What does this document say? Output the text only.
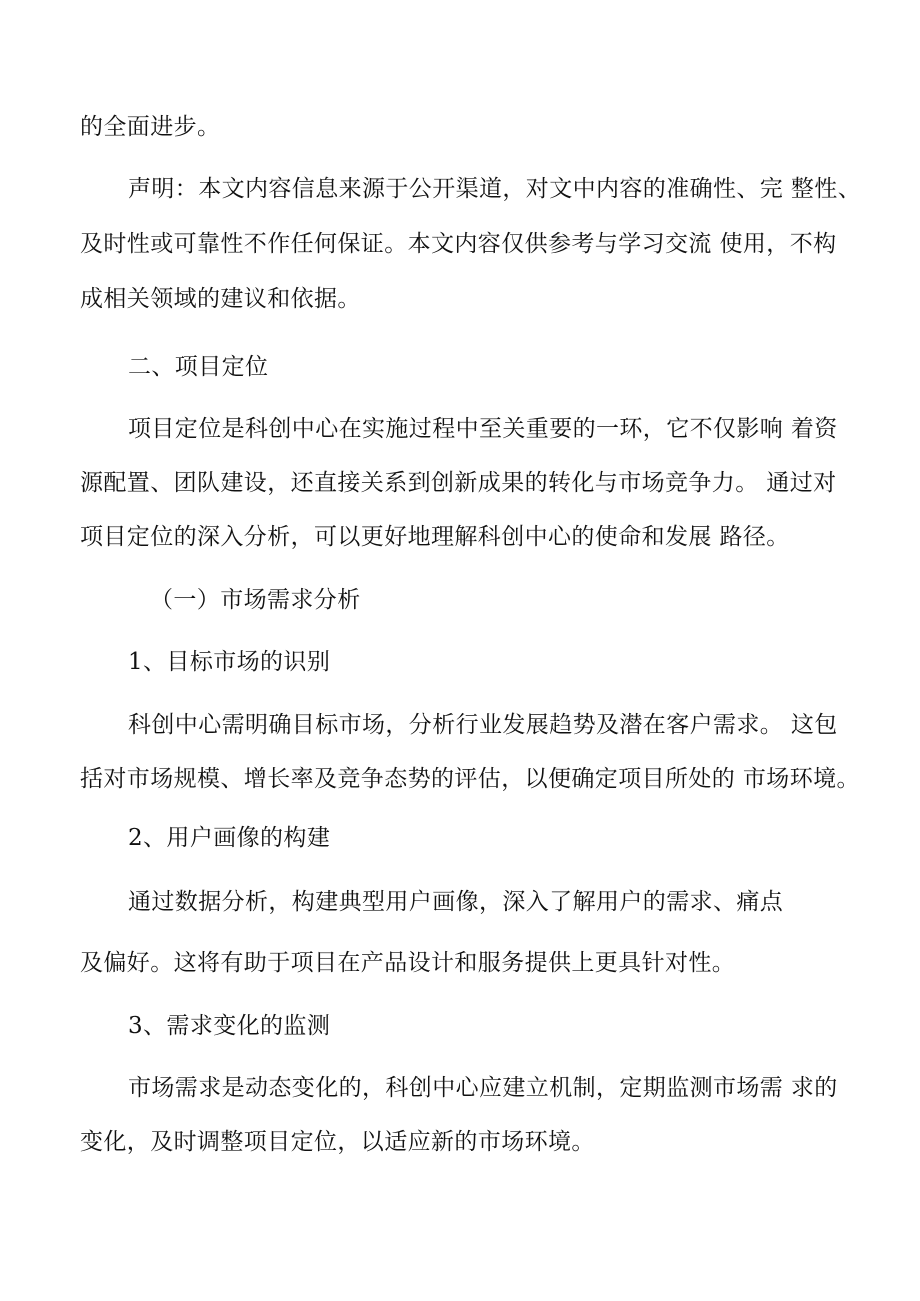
的全面进步。
声明：本文内容信息来源于公开渠道，对文中内容的准确性、完 整性、
及时性或可靠性不作任何保证。本文内容仅供参考与学习交流 使用，不构
成相关领域的建议和依据。
二、项目定位
项目定位是科创中心在实施过程中至关重要的一环，它不仅影响 着资
源配置、团队建设，还直接关系到创新成果的转化与市场竞争力。 通过对
项目定位的深入分析，可以更好地理解科创中心的使命和发展 路径。
（一）市场需求分析
1、目标市场的识别
科创中心需明确目标市场，分析行业发展趋势及潜在客户需求。 这包
括对市场规模、增长率及竞争态势的评估，以便确定项目所处的 市场环境。
2、用户画像的构建
通过数据分析，构建典型用户画像，深入了解用户的需求、痛点
及偏好。这将有助于项目在产品设计和服务提供上更具针对性。
3、需求变化的监测
市场需求是动态变化的，科创中心应建立机制，定期监测市场需 求的
变化，及时调整项目定位，以适应新的市场环境。
